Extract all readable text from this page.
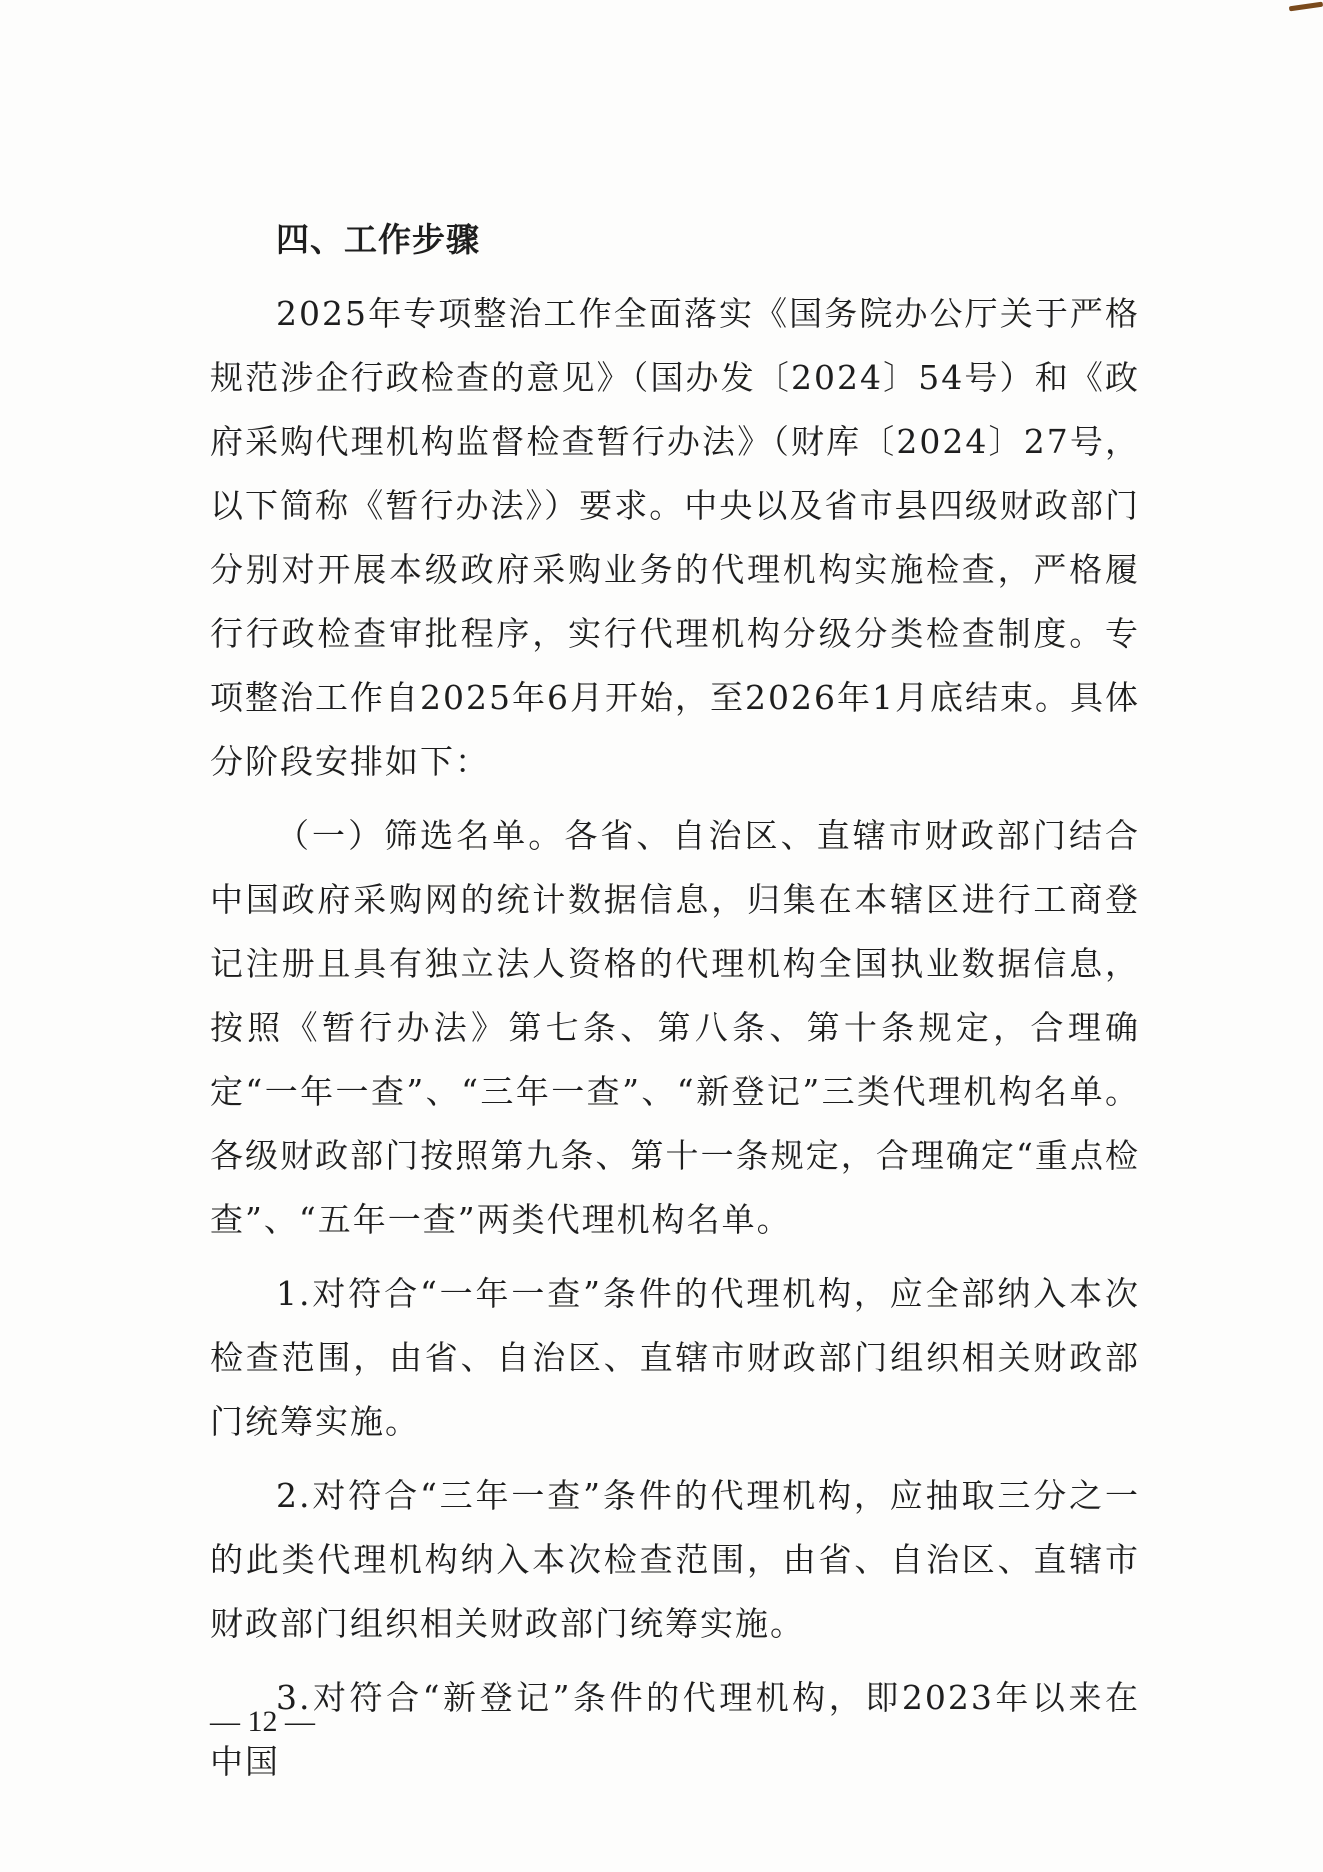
四、工作步骤

2025年专项整治工作全面落实《国务院办公厅关于严格规范涉企行政检查的意见》（国办发〔2024〕54号）和《政府采购代理机构监督检查暂行办法》（财库〔2024〕27号，以下简称《暂行办法》）要求。中央以及省市县四级财政部门分别对开展本级政府采购业务的代理机构实施检查，严格履行行政检查审批程序，实行代理机构分级分类检查制度。专项整治工作自2025年6月开始，至2026年1月底结束。具体分阶段安排如下：

（一）筛选名单。各省、自治区、直辖市财政部门结合中国政府采购网的统计数据信息，归集在本辖区进行工商登记注册且具有独立法人资格的代理机构全国执业数据信息，按照《暂行办法》第七条、第八条、第十条规定，合理确定“一年一查”、“三年一查”、“新登记”三类代理机构名单。各级财政部门按照第九条、第十一条规定，合理确定“重点检查”、“五年一查”两类代理机构名单。

1.对符合“一年一查”条件的代理机构，应全部纳入本次检查范围，由省、自治区、直辖市财政部门组织相关财政部门统筹实施。

2.对符合“三年一查”条件的代理机构，应抽取三分之一的此类代理机构纳入本次检查范围，由省、自治区、直辖市财政部门组织相关财政部门统筹实施。

3.对符合“新登记”条件的代理机构，即2023年以来在中国

— 12 —
